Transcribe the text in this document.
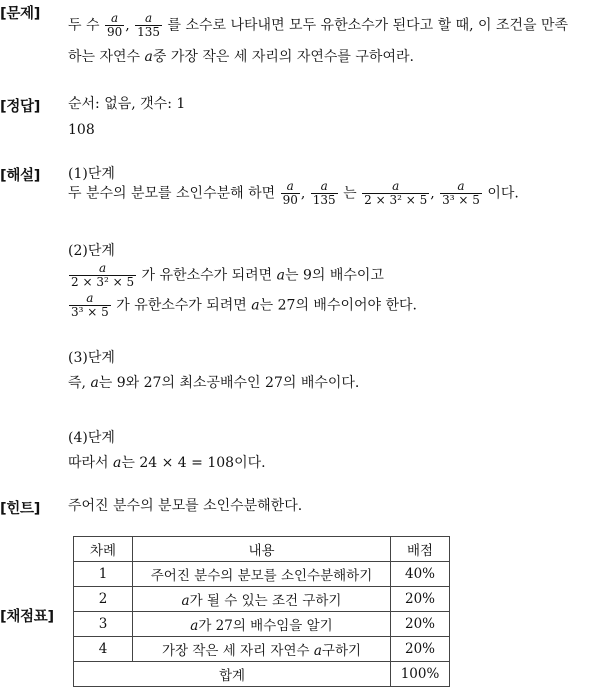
[문제]
[정답]
[해설]
[힌트]
[채점표]
두 수 $\frac{a}{90}$ , $\frac{a}{135}$ 를 소수로 나타내면 모두 유한소수가 된다고 할 때, 이 조건을 만족
하는 자연수 a중 가장 작은 세 자리의 자연수를 구하여라.
순서: 없음, 갯수: 1
108
(1)단계
두 분수의 분모를 소인수분해 하면 $\frac{a}{90}$ , $\frac{a}{135}$ 는 $\frac{a}{\text{2 × 3² × 5}}$ , $\frac{a}{\text{3³ × 5}}$ 이다.
(2)단계
$\frac{a}{\text{2 × 3² × 5}}$ 가 유한소수가 되려면 a는 9의 배수이고
$\frac{a}{\text{3³ × 5}}$ 가 유한소수가 되려면 a는 27의 배수이어야 한다.
(3)단계
즉, a는 9와 27의 최소공배수인 27의 배수이다.
(4)단계
따라서 a는 24 × 4 = 108이다.
주어진 분수의 분모를 소인수분해한다.
차례	내용	배점
1	주어진 분수의 분모를 소인수분해하기	40%
2	a가 될 수 있는 조건 구하기	20%
3	a가 27의 배수임을 알기	20%
4	가장 작은 세 자리 자연수 a구하기	20%
합계		100%
